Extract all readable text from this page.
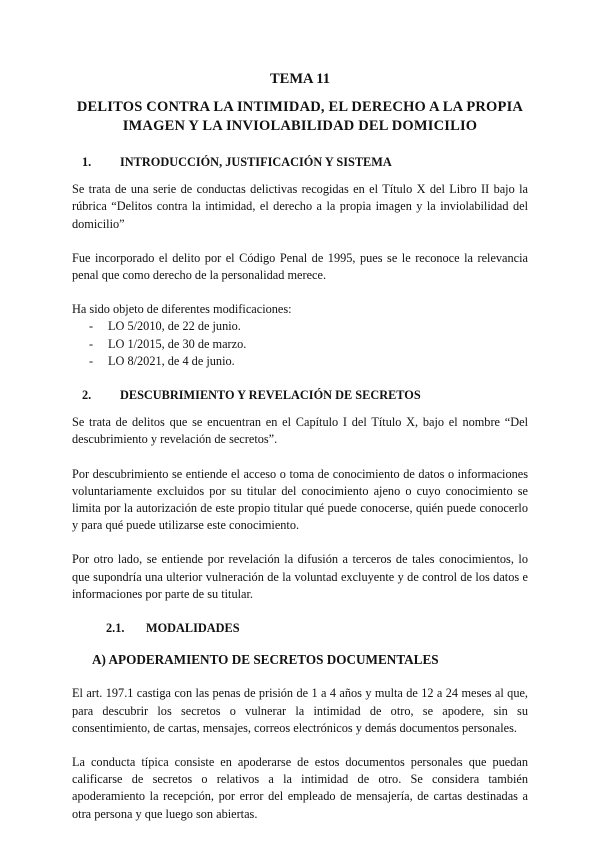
TEMA 11
DELITOS CONTRA LA INTIMIDAD, EL DERECHO A LA PROPIA IMAGEN Y LA INVIOLABILIDAD DEL DOMICILIO
1.	INTRODUCCIÓN, JUSTIFICACIÓN Y SISTEMA

Se trata de una serie de conductas delictivas recogidas en el Título X del Libro II bajo la rúbrica “Delitos contra la intimidad, el derecho a la propia imagen y la inviolabilidad del domicilio”

Fue incorporado el delito por el Código Penal de 1995, pues se le reconoce la relevancia penal que como derecho de la personalidad merece.

Ha sido objeto de diferentes modificaciones:

-	LO 5/2010, de 22 de junio.
-	LO 1/2015, de 30 de marzo.
-	LO 8/2021, de 4 de junio.
2.	DESCUBRIMIENTO Y REVELACIÓN DE SECRETOS

Se trata de delitos que se encuentran en el Capítulo I del Título X, bajo el nombre “Del descubrimiento y revelación de secretos”.

Por descubrimiento se entiende el acceso o toma de conocimiento de datos o informaciones voluntariamente excluidos por su titular del conocimiento ajeno o cuyo conocimiento se limita por la autorización de este propio titular qué puede conocerse, quién puede conocerlo y para qué puede utilizarse este conocimiento.

Por otro lado, se entiende por revelación la difusión a terceros de tales conocimientos, lo que supondría una ulterior vulneración de la voluntad excluyente y de control de los datos e informaciones por parte de su titular.

2.1.	MODALIDADES
A) APODERAMIENTO DE SECRETOS DOCUMENTALES

El art. 197.1 castiga con las penas de prisión de 1 a 4 años y multa de 12 a 24 meses al que, para descubrir los secretos o vulnerar la intimidad de otro, se apodere, sin su consentimiento, de cartas, mensajes, correos electrónicos y demás documentos personales.

La conducta típica consiste en apoderarse de estos documentos personales que puedan calificarse de secretos o relativos a la intimidad de otro. Se considera también apoderamiento la recepción, por error del empleado de mensajería, de cartas destinadas a otra persona y que luego son abiertas.
